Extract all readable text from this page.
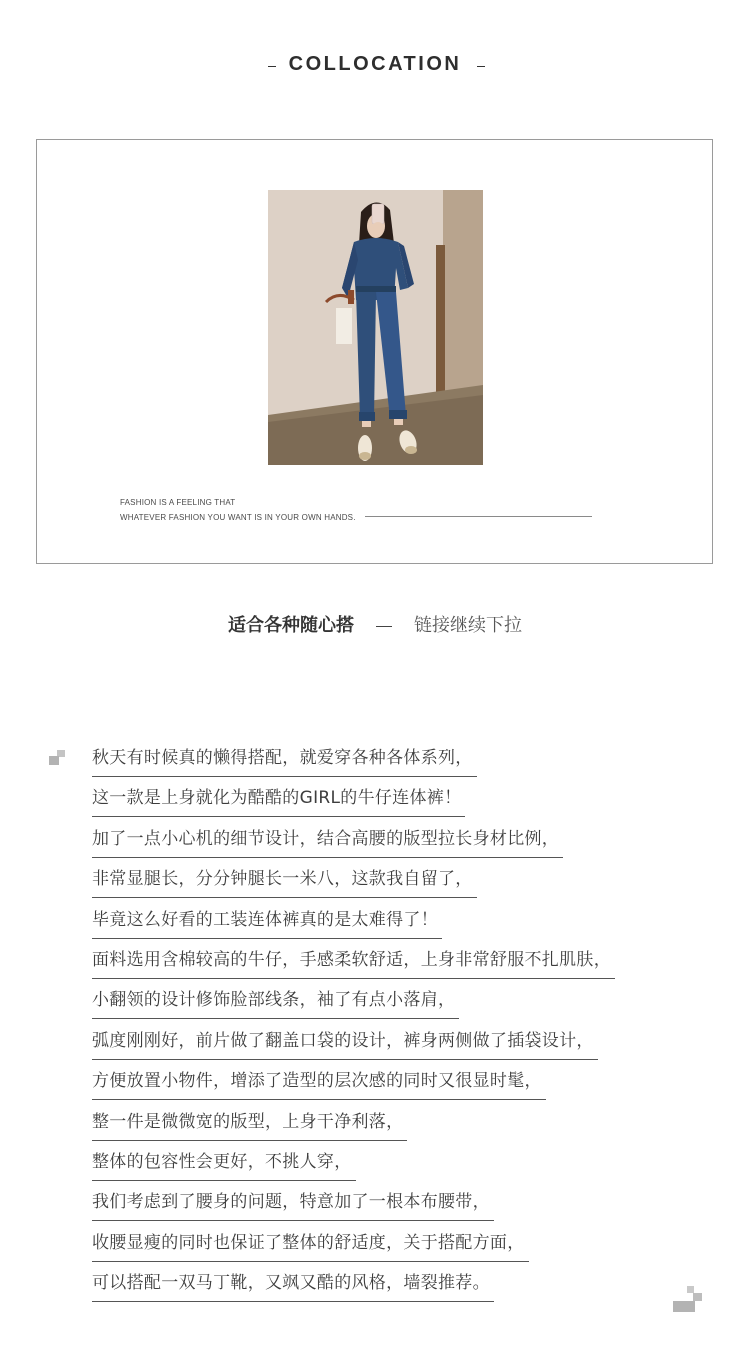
COLLOCATION
FASHION IS A FEELING THAT
WHATEVER FASHION YOU WANT IS IN YOUR OWN HANDS.
适合各种随心搭	链接继续下拉
秋天有时候真的懒得搭配，就爱穿各种各体系列，
这一款是上身就化为酷酷的GIRL的牛仔连体裤！
加了一点小心机的细节设计，结合高腰的版型拉长身材比例，
非常显腿长，分分钟腿长一米八，这款我自留了，
毕竟这么好看的工装连体裤真的是太难得了！
面料选用含棉较高的牛仔，手感柔软舒适，上身非常舒服不扎肌肤，
小翻领的设计修饰脸部线条，袖了有点小落肩，
弧度刚刚好，前片做了翻盖口袋的设计，裤身两侧做了插袋设计，
方便放置小物件，增添了造型的层次感的同时又很显时髦，
整一件是微微宽的版型，上身干净利落，
整体的包容性会更好，不挑人穿，
我们考虑到了腰身的问题，特意加了一根本布腰带，
收腰显瘦的同时也保证了整体的舒适度，关于搭配方面，
可以搭配一双马丁靴，又飒又酷的风格，墙裂推荐。
